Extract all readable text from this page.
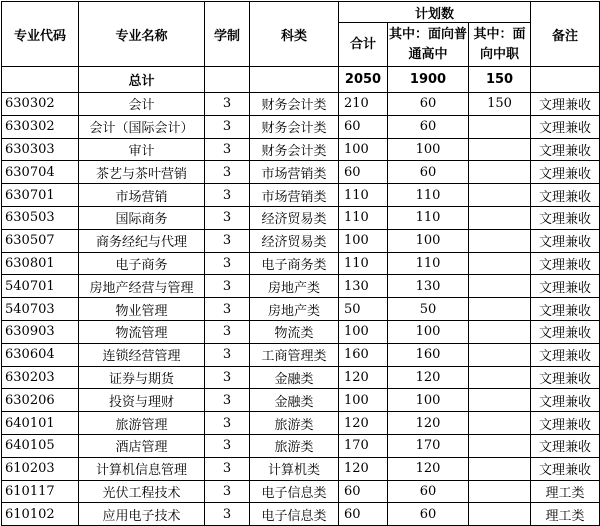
专业代码	专业名称	学制	科类	计划数			备注
				合计	其中：面向普通高中	其中：面向中职	
	总计			2050	1900	150	
630302	会计	3	财务会计类	210	60	150	文理兼收
630302	会计（国际会计）	3	财务会计类	60	60		文理兼收
630303	审计	3	财务会计类	100	100		文理兼收
630704	茶艺与茶叶营销	3	市场营销类	60	60		文理兼收
630701	市场营销	3	市场营销类	110	110		文理兼收
630503	国际商务	3	经济贸易类	110	110		文理兼收
630507	商务经纪与代理	3	经济贸易类	100	100		文理兼收
630801	电子商务	3	电子商务类	110	110		文理兼收
540701	房地产经营与管理	3	房地产类	130	130		文理兼收
540703	物业管理	3	房地产类	50	50		文理兼收
630903	物流管理	3	物流类	100	100		文理兼收
630604	连锁经营管理	3	工商管理类	160	160		文理兼收
630203	证券与期货	3	金融类	120	120		文理兼收
630206	投资与理财	3	金融类	100	100		文理兼收
640101	旅游管理	3	旅游类	120	120		文理兼收
640105	酒店管理	3	旅游类	170	170		文理兼收
610203	计算机信息管理	3	计算机类	120	120		文理兼收
610117	光伏工程技术	3	电子信息类	60	60		理工类
610102	应用电子技术	3	电子信息类	60	60		理工类
